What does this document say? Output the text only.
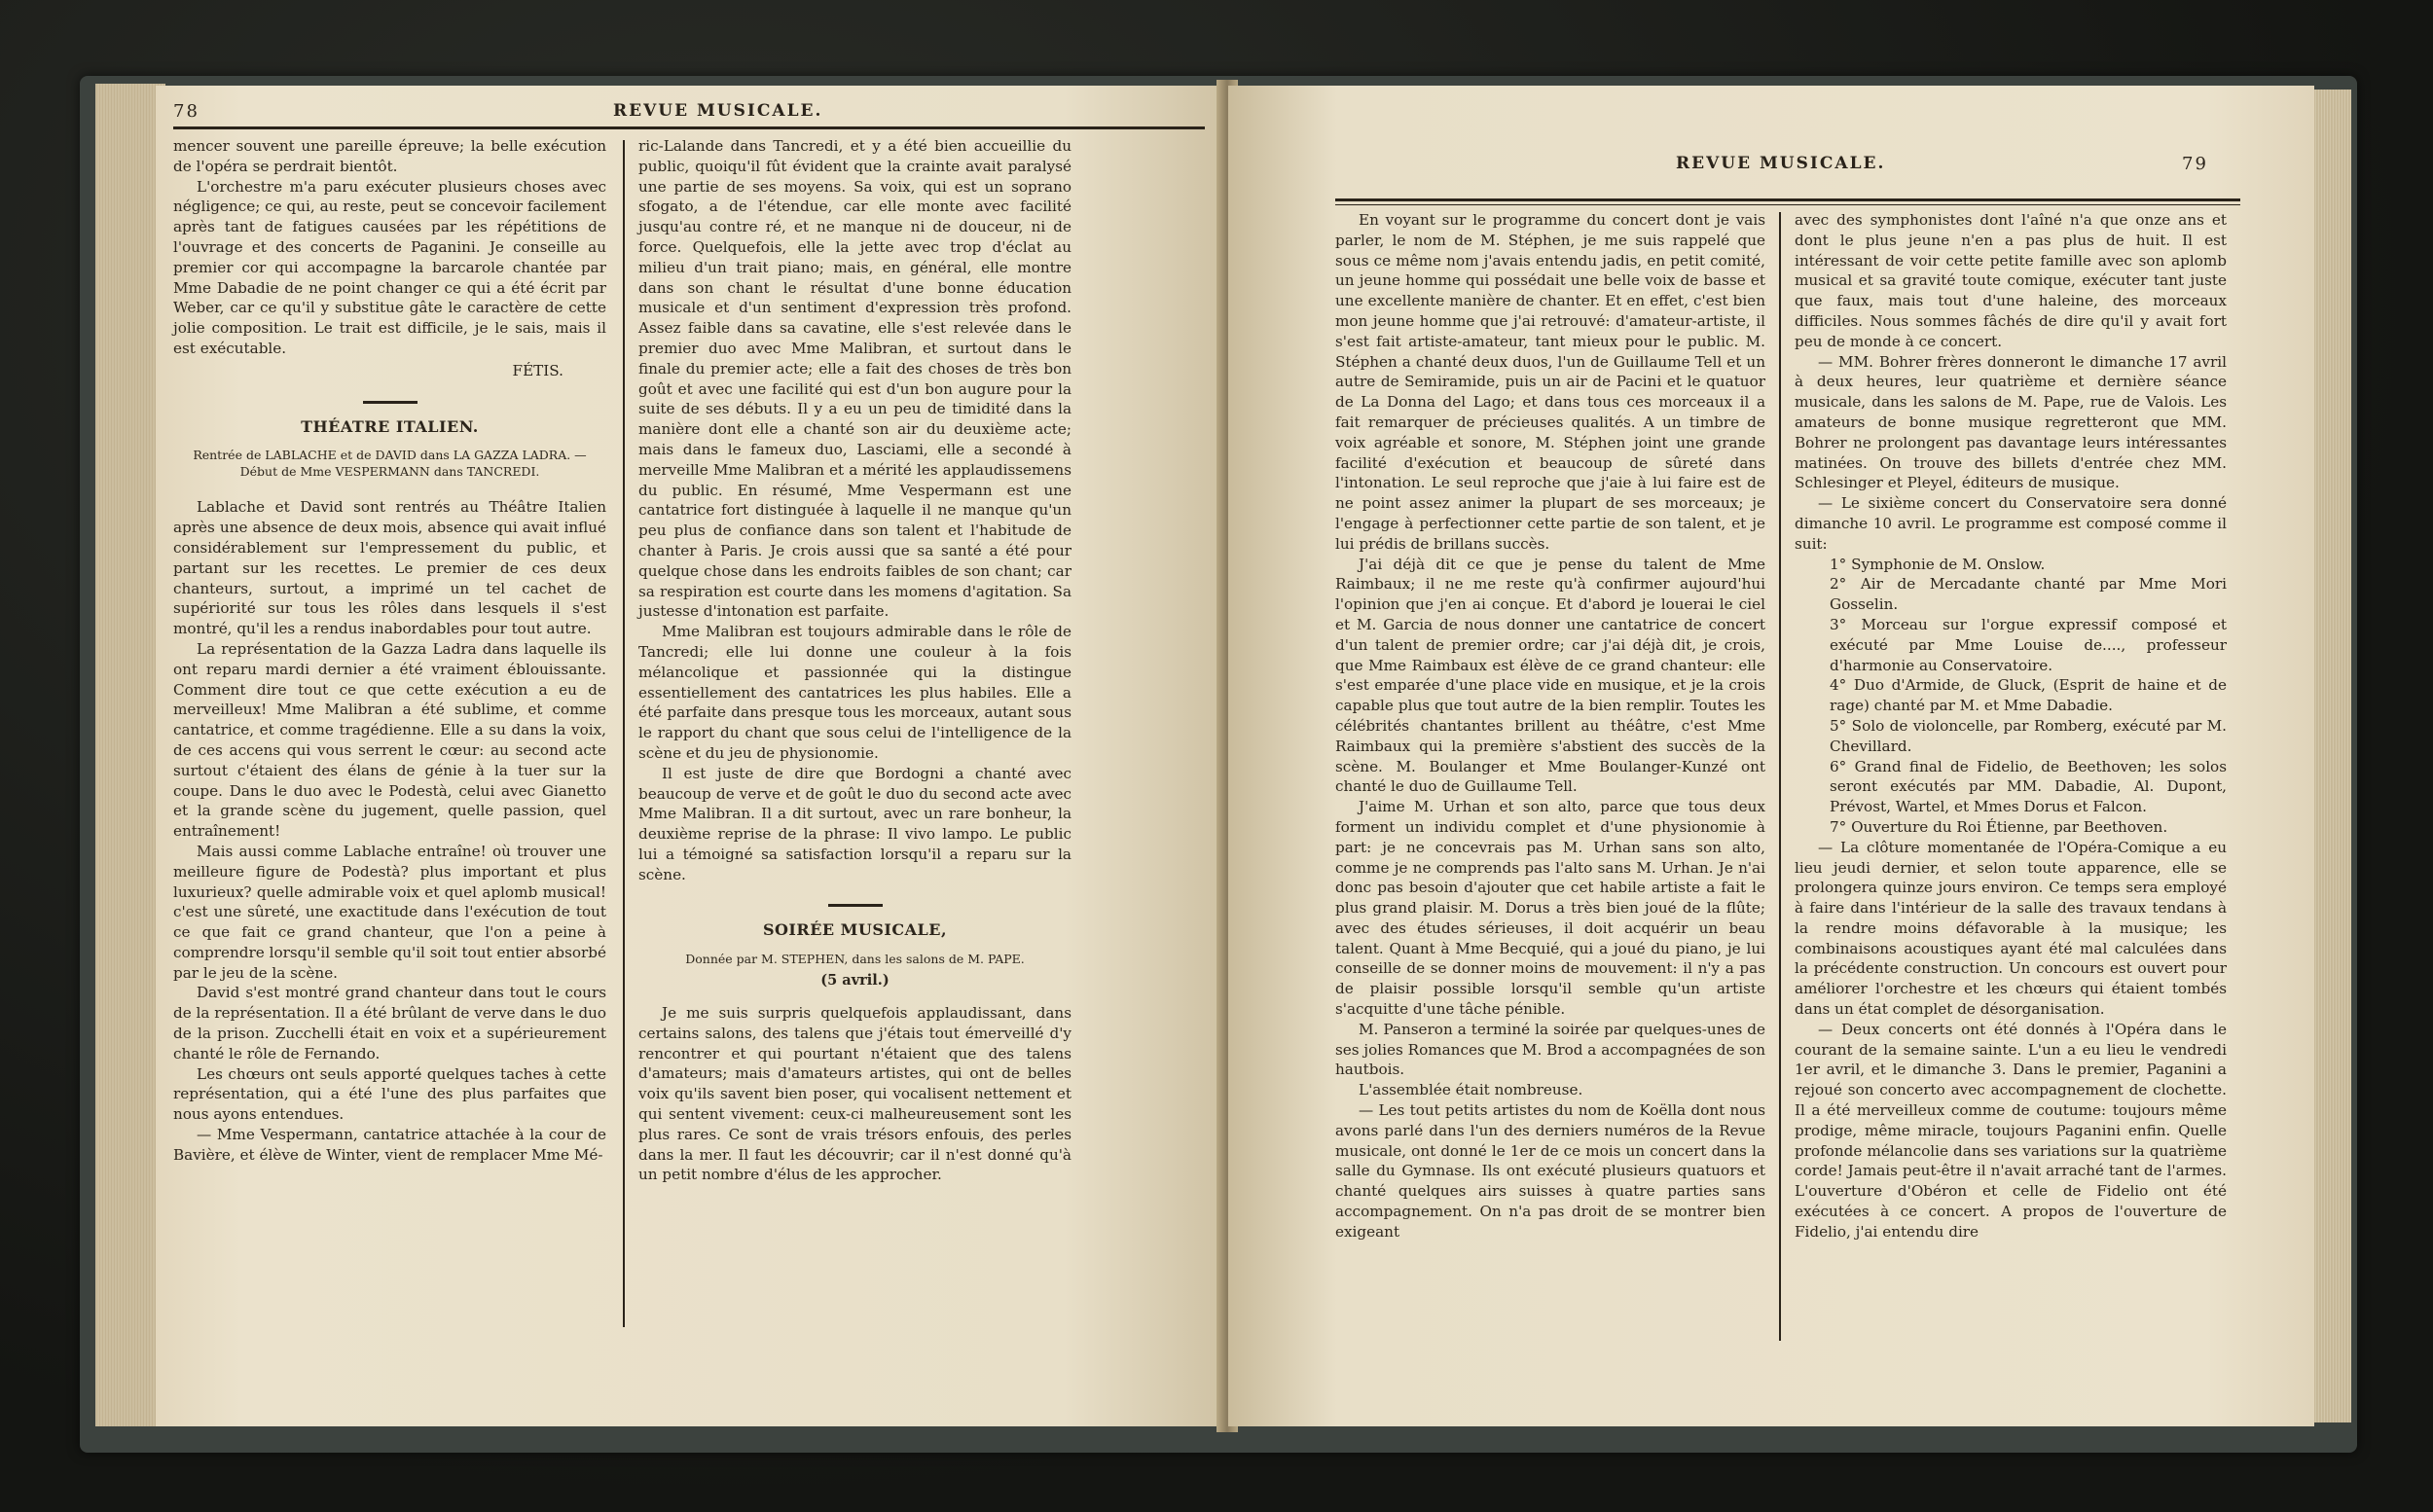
78	REVUE MUSICALE.

mencer souvent une pareille épreuve; la belle exécution de l'opéra se perdrait bientôt.

L'orchestre m'a paru exécuter plusieurs choses avec négligence; ce qui, au reste, peut se concevoir facilement après tant de fatigues causées par les répétitions de l'ouvrage et des concerts de Paganini. Je conseille au premier cor qui accompagne la barcarole chantée par Mme Dabadie de ne point changer ce qui a été écrit par Weber, car ce qu'il y substitue gâte le caractère de cette jolie composition. Le trait est difficile, je le sais, mais il est exécutable.

FÉTIS.

THÉATRE ITALIEN.
Rentrée de LABLACHE et de DAVID dans LA GAZZA LADRA. — Début de Mme VESPERMANN dans TANCREDI.

Lablache et David sont rentrés au Théâtre Italien après une absence de deux mois, absence qui avait influé considérablement sur l'empressement du public, et partant sur les recettes. Le premier de ces deux chanteurs, surtout, a imprimé un tel cachet de supériorité sur tous les rôles dans lesquels il s'est montré, qu'il les a rendus inabordables pour tout autre.

La représentation de la Gazza Ladra dans laquelle ils ont reparu mardi dernier a été vraiment éblouissante. Comment dire tout ce que cette exécution a eu de merveilleux! Mme Malibran a été sublime, et comme cantatrice, et comme tragédienne. Elle a su dans la voix, de ces accens qui vous serrent le cœur: au second acte surtout c'étaient des élans de génie à la tuer sur la coupe. Dans le duo avec le Podestà, celui avec Gianetto et la grande scène du jugement, quelle passion, quel entraînement!

Mais aussi comme Lablache entraîne! où trouver une meilleure figure de Podestà? plus important et plus luxurieux? quelle admirable voix et quel aplomb musical! c'est une sûreté, une exactitude dans l'exécution de tout ce que fait ce grand chanteur, que l'on a peine à comprendre lorsqu'il semble qu'il soit tout entier absorbé par le jeu de la scène.

David s'est montré grand chanteur dans tout le cours de la représentation. Il a été brûlant de verve dans le duo de la prison. Zucchelli était en voix et a supérieurement chanté le rôle de Fernando.

Les chœurs ont seuls apporté quelques taches à cette représentation, qui a été l'une des plus parfaites que nous ayons entendues.

— Mme Vespermann, cantatrice attachée à la cour de Bavière, et élève de Winter, vient de remplacer Mme Mé-

ric-Lalande dans Tancredi, et y a été bien accueillie du public, quoiqu'il fût évident que la crainte avait paralysé une partie de ses moyens. Sa voix, qui est un soprano sfogato, a de l'étendue, car elle monte avec facilité jusqu'au contre ré, et ne manque ni de douceur, ni de force. Quelquefois, elle la jette avec trop d'éclat au milieu d'un trait piano; mais, en général, elle montre dans son chant le résultat d'une bonne éducation musicale et d'un sentiment d'expression très profond. Assez faible dans sa cavatine, elle s'est relevée dans le premier duo avec Mme Malibran, et surtout dans le finale du premier acte; elle a fait des choses de très bon goût et avec une facilité qui est d'un bon augure pour la suite de ses débuts. Il y a eu un peu de timidité dans la manière dont elle a chanté son air du deuxième acte; mais dans le fameux duo, Lasciami, elle a secondé à merveille Mme Malibran et a mérité les applaudissemens du public. En résumé, Mme Vespermann est une cantatrice fort distinguée à laquelle il ne manque qu'un peu plus de confiance dans son talent et l'habitude de chanter à Paris. Je crois aussi que sa santé a été pour quelque chose dans les endroits faibles de son chant; car sa respiration est courte dans les momens d'agitation. Sa justesse d'intonation est parfaite.

Mme Malibran est toujours admirable dans le rôle de Tancredi; elle lui donne une couleur à la fois mélancolique et passionnée qui la distingue essentiellement des cantatrices les plus habiles. Elle a été parfaite dans presque tous les morceaux, autant sous le rapport du chant que sous celui de l'intelligence de la scène et du jeu de physionomie.

Il est juste de dire que Bordogni a chanté avec beaucoup de verve et de goût le duo du second acte avec Mme Malibran. Il a dit surtout, avec un rare bonheur, la deuxième reprise de la phrase: Il vivo lampo. Le public lui a témoigné sa satisfaction lorsqu'il a reparu sur la scène.

SOIRÉE MUSICALE,
Donnée par M. STEPHEN, dans les salons de M. PAPE.
(5 avril.)

Je me suis surpris quelquefois applaudissant, dans certains salons, des talens que j'étais tout émerveillé d'y rencontrer et qui pourtant n'étaient que des talens d'amateurs; mais d'amateurs artistes, qui ont de belles voix qu'ils savent bien poser, qui vocalisent nettement et qui sentent vivement: ceux-ci malheureusement sont les plus rares. Ce sont de vrais trésors enfouis, des perles dans la mer. Il faut les découvrir; car il n'est donné qu'à un petit nombre d'élus de les approcher.

REVUE MUSICALE.	79

En voyant sur le programme du concert dont je vais parler, le nom de M. Stéphen, je me suis rappelé que sous ce même nom j'avais entendu jadis, en petit comité, un jeune homme qui possédait une belle voix de basse et une excellente manière de chanter. Et en effet, c'est bien mon jeune homme que j'ai retrouvé: d'amateur-artiste, il s'est fait artiste-amateur, tant mieux pour le public. M. Stéphen a chanté deux duos, l'un de Guillaume Tell et un autre de Semiramide, puis un air de Pacini et le quatuor de La Donna del Lago; et dans tous ces morceaux il a fait remarquer de précieuses qualités. A un timbre de voix agréable et sonore, M. Stéphen joint une grande facilité d'exécution et beaucoup de sûreté dans l'intonation. Le seul reproche que j'aie à lui faire est de ne point assez animer la plupart de ses morceaux; je l'engage à perfectionner cette partie de son talent, et je lui prédis de brillans succès.

J'ai déjà dit ce que je pense du talent de Mme Raimbaux; il ne me reste qu'à confirmer aujourd'hui l'opinion que j'en ai conçue. Et d'abord je louerai le ciel et M. Garcia de nous donner une cantatrice de concert d'un talent de premier ordre; car j'ai déjà dit, je crois, que Mme Raimbaux est élève de ce grand chanteur: elle s'est emparée d'une place vide en musique, et je la crois capable plus que tout autre de la bien remplir. Toutes les célébrités chantantes brillent au théâtre, c'est Mme Raimbaux qui la première s'abstient des succès de la scène. M. Boulanger et Mme Boulanger-Kunzé ont chanté le duo de Guillaume Tell.

J'aime M. Urhan et son alto, parce que tous deux forment un individu complet et d'une physionomie à part: je ne concevrais pas M. Urhan sans son alto, comme je ne comprends pas l'alto sans M. Urhan. Je n'ai donc pas besoin d'ajouter que cet habile artiste a fait le plus grand plaisir. M. Dorus a très bien joué de la flûte; avec des études sérieuses, il doit acquérir un beau talent. Quant à Mme Becquié, qui a joué du piano, je lui conseille de se donner moins de mouvement: il n'y a pas de plaisir possible lorsqu'il semble qu'un artiste s'acquitte d'une tâche pénible.

M. Panseron a terminé la soirée par quelques-unes de ses jolies Romances que M. Brod a accompagnées de son hautbois.

L'assemblée était nombreuse.

— Les tout petits artistes du nom de Koëlla dont nous avons parlé dans l'un des derniers numéros de la Revue musicale, ont donné le 1er de ce mois un concert dans la salle du Gymnase. Ils ont exécuté plusieurs quatuors et chanté quelques airs suisses à quatre parties sans accompagnement. On n'a pas droit de se montrer bien exigeant

avec des symphonistes dont l'aîné n'a que onze ans et dont le plus jeune n'en a pas plus de huit. Il est intéressant de voir cette petite famille avec son aplomb musical et sa gravité toute comique, exécuter tant juste que faux, mais tout d'une haleine, des morceaux difficiles. Nous sommes fâchés de dire qu'il y avait fort peu de monde à ce concert.

— MM. Bohrer frères donneront le dimanche 17 avril à deux heures, leur quatrième et dernière séance musicale, dans les salons de M. Pape, rue de Valois. Les amateurs de bonne musique regretteront que MM. Bohrer ne prolongent pas davantage leurs intéressantes matinées. On trouve des billets d'entrée chez MM. Schlesinger et Pleyel, éditeurs de musique.

— Le sixième concert du Conservatoire sera donné dimanche 10 avril. Le programme est composé comme il suit:

1° Symphonie de M. Onslow.

2° Air de Mercadante chanté par Mme Mori Gosselin.

3° Morceau sur l'orgue expressif composé et exécuté par Mme Louise de...., professeur d'harmonie au Conservatoire.

4° Duo d'Armide, de Gluck, (Esprit de haine et de rage) chanté par M. et Mme Dabadie.

5° Solo de violoncelle, par Romberg, exécuté par M. Chevillard.

6° Grand final de Fidelio, de Beethoven; les solos seront exécutés par MM. Dabadie, Al. Dupont, Prévost, Wartel, et Mmes Dorus et Falcon.

7° Ouverture du Roi Étienne, par Beethoven.

— La clôture momentanée de l'Opéra-Comique a eu lieu jeudi dernier, et selon toute apparence, elle se prolongera quinze jours environ. Ce temps sera employé à faire dans l'intérieur de la salle des travaux tendans à la rendre moins défavorable à la musique; les combinaisons acoustiques ayant été mal calculées dans la précédente construction. Un concours est ouvert pour améliorer l'orchestre et les chœurs qui étaient tombés dans un état complet de désorganisation.

— Deux concerts ont été donnés à l'Opéra dans le courant de la semaine sainte. L'un a eu lieu le vendredi 1er avril, et le dimanche 3. Dans le premier, Paganini a rejoué son concerto avec accompagnement de clochette. Il a été merveilleux comme de coutume: toujours même prodige, même miracle, toujours Paganini enfin. Quelle profonde mélancolie dans ses variations sur la quatrième corde! Jamais peut-être il n'avait arraché tant de l'armes. L'ouverture d'Obéron et celle de Fidelio ont été exécutées à ce concert. A propos de l'ouverture de Fidelio, j'ai entendu dire
